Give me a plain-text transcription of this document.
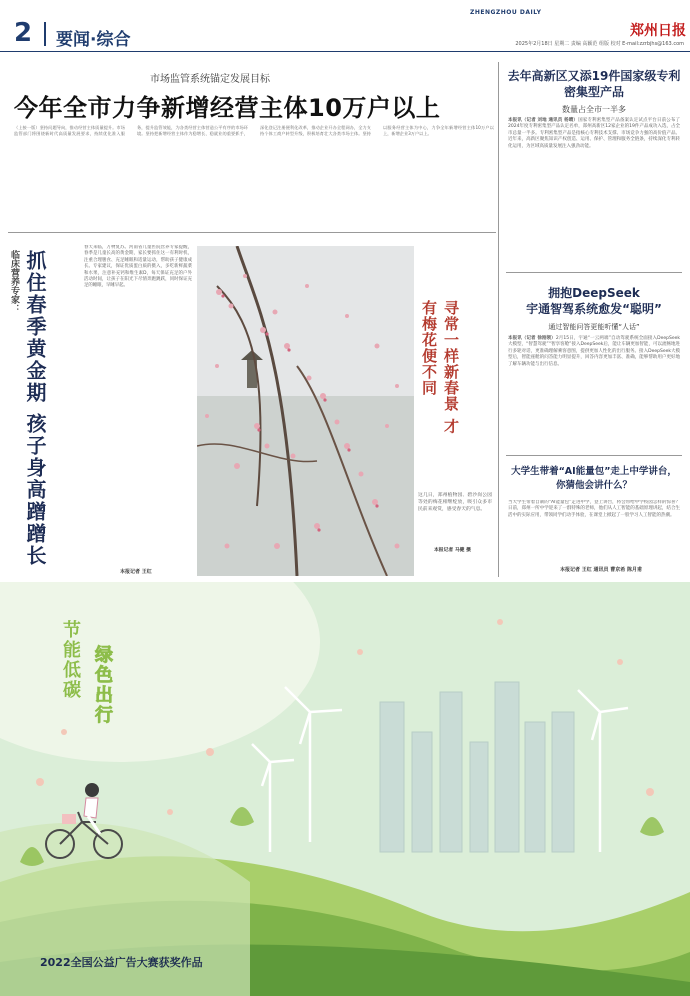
2 要闻·综合
ZHENGZHOU DAILY
郑州日报
2025年2月18日 星期二 责编 高颖范 组版 校对 E-mail:zzrbjhs@163.com
市场监管系统锚定发展目标
今年全市力争新增经营主体10万户以上
（上接一版）坚持问题导向，推动经营主体质量提升。市场监管部门将围绕新时代高质量发展要求，持续优化准入服务，提升监管效能，为各类经营主体营造公平有序的市场环境。坚持把新增经营主体作为稳增长、稳就业的重要抓手，深化登记注册便利化改革，推动企业开办全程网办，全力支持个体工商户转型升级，积极培育壮大各类市场主体。坚持以服务经营主体为中心，力争全年新增经营主体10万户以上，新增企业3万户以上。
去年高新区又添19件国家级专利密集型产品
数量占全市一半多
本报讯（记者 刘地 通讯员 杨晴）国家专利密集型产品备案认定试点平台日前公布了2024年度专利密集型产品认定名单，郑州高新区12家企业的19件产品成功入选，占全市总量一半多。专利密集型产品是指核心专利技术支撑、市场竞争力强的高价值产品。近年来，高新区聚焦知识产权创造、运用、保护、管理和服务全链条，持续深化专利转化运用，为区域高质量发展注入强劲动能。
拥抱DeepSeek
宇通智驾系统愈发“聪明”
通过智能问答更能听懂“人话”
本报讯（记者 徐刚领）2月15日，宇通“一云两端”自动驾驶系统全面接入DeepSeek大模型，“智慧驾驶”“智享客舱”接入DeepSeek后，能让车辆更加智能，可以流畅地进行多轮对话，更准确理解乘客意图，提供更加人性化的出行服务。接入DeepSeek大模型后，智能座舱的问答能力明显提升，回答内容更加丰富、准确，能够帮助用户更好地了解车辆功能与出行信息。
大学生带着“AI能量包”走上中学讲台，
你猜他会讲什么？
当大学生带着自制的“AI能量包”走进中学，登上讲台，将会带给中学校园怎样的惊喜？日前，郑州一所中学迎来了一群特殊的老师，他们从人工智能的基础原理讲起，结合生活中的实际应用，带领同学们动手体验，在课堂上掀起了一股学习人工智能的热潮。
本报记者 王红 通讯员 曹京希 陈月甫
临床营养专家： 抓住春季黄金期 孩子身高蹭蹭长
春天来临，万物复苏。河南省儿童医院营养专家提醒，春季是儿童长高的黄金期，家长要抓住这一有利时机，注重合理膳食、充足睡眠和适量运动，帮助孩子健康成长。专家建议，保证优质蛋白质的摄入，多吃新鲜蔬菜和水果，注意补充钙和维生素D，每天保证充足的户外活动时间，让孩子在阳光下尽情奔跑跳跃，同时保证充足的睡眠，早睡早起。
本报记者 王红
寻常一样新春景 才有梅花便不同
这几日，郑州植物园、碧沙岗公园等处的梅花相继绽放，吸引众多市民前来观赏，感受春天的气息。
本报记者 马健 摄
节能低碳 绿色出行
2022全国公益广告大赛获奖作品
